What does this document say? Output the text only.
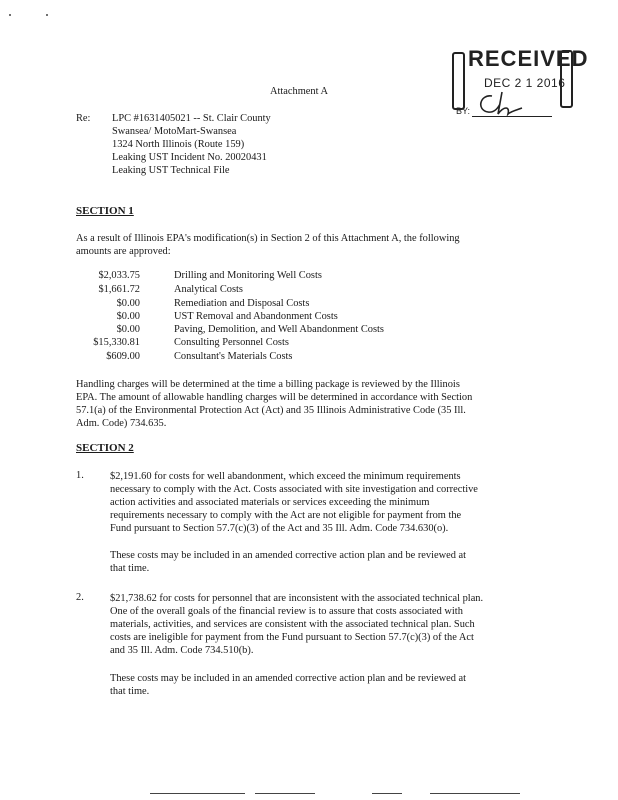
RECEIVED
DEC 2 1 2016
BY:
Attachment A
Re: LPC #1631405021 -- St. Clair County
Swansea/ MotoMart-Swansea
1324 North Illinois (Route 159)
Leaking UST Incident No. 20020431
Leaking UST Technical File
SECTION 1
As a result of Illinois EPA's modification(s) in Section 2 of this Attachment A, the following
amounts are approved:
$2,033.75	Drilling and Monitoring Well Costs
$1,661.72	Analytical Costs
$0.00	Remediation and Disposal Costs
$0.00	UST Removal and Abandonment Costs
$0.00	Paving, Demolition, and Well Abandonment Costs
$15,330.81	Consulting Personnel Costs
$609.00	Consultant's Materials Costs
Handling charges will be determined at the time a billing package is reviewed by the Illinois
EPA. The amount of allowable handling charges will be determined in accordance with Section
57.1(a) of the Environmental Protection Act (Act) and 35 Illinois Administrative Code (35 Ill.
Adm. Code) 734.635.
SECTION 2
1.	$2,191.60 for costs for well abandonment, which exceed the minimum requirements
necessary to comply with the Act. Costs associated with site investigation and corrective
action activities and associated materials or services exceeding the minimum
requirements necessary to comply with the Act are not eligible for payment from the
Fund pursuant to Section 57.7(c)(3) of the Act and 35 Ill. Adm. Code 734.630(o).
These costs may be included in an amended corrective action plan and be reviewed at
that time.
2.	$21,738.62 for costs for personnel that are inconsistent with the associated technical plan.
One of the overall goals of the financial review is to assure that costs associated with
materials, activities, and services are consistent with the associated technical plan. Such
costs are ineligible for payment from the Fund pursuant to Section 57.7(c)(3) of the Act
and 35 Ill. Adm. Code 734.510(b).
These costs may be included in an amended corrective action plan and be reviewed at
that time.
